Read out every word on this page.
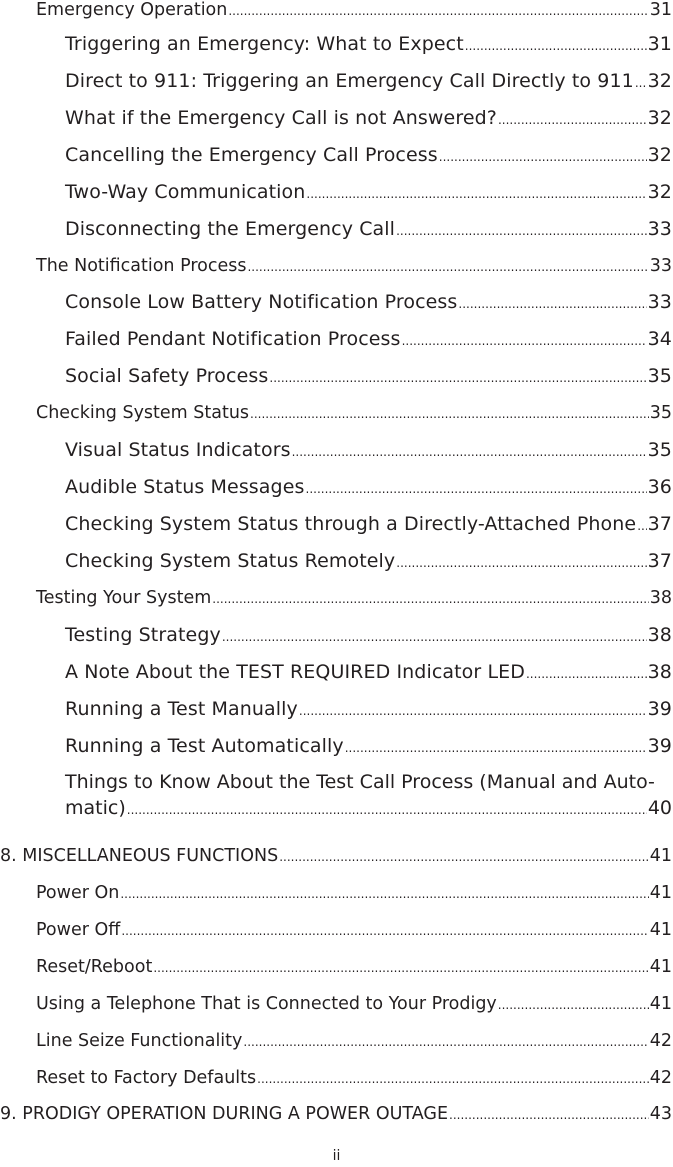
Emergency Operation .....	31
Triggering an Emergency: What to Expect .....	31
Direct to 911: Triggering an Emergency Call Directly to 911 ..... 32
What if the Emergency Call is not Answered? .....	32
Cancelling the Emergency Call Process .....	32
Two-Way Communication .....	32
Disconnecting the Emergency Call .....	33
The Notification Process .....	33
Console Low Battery Notification Process .....	33
Failed Pendant Notification Process .....	34
Social Safety Process .....	35
Checking System Status .....	35
Visual Status Indicators .....	35
Audible Status Messages .....	36
Checking System Status through a Directly-Attached Phone ..... 37
Checking System Status Remotely .....	37
Testing Your System .....	38
Testing Strategy .....	38
A Note About the TEST REQUIRED Indicator LED .....	38
Running a Test Manually .....	39
Running a Test Automatically .....	39
Things to Know About the Test Call Process (Manual and Auto-
matic) .....	40
8. MISCELLANEOUS FUNCTIONS .....	41
Power On .....	41
Power Off .....	41
Reset/Reboot .....	41
Using a Telephone That is Connected to Your Prodigy .....	41
Line Seize Functionality .....	42
Reset to Factory Defaults .....	42
9. PRODIGY OPERATION DURING A POWER OUTAGE .....	43
ii
